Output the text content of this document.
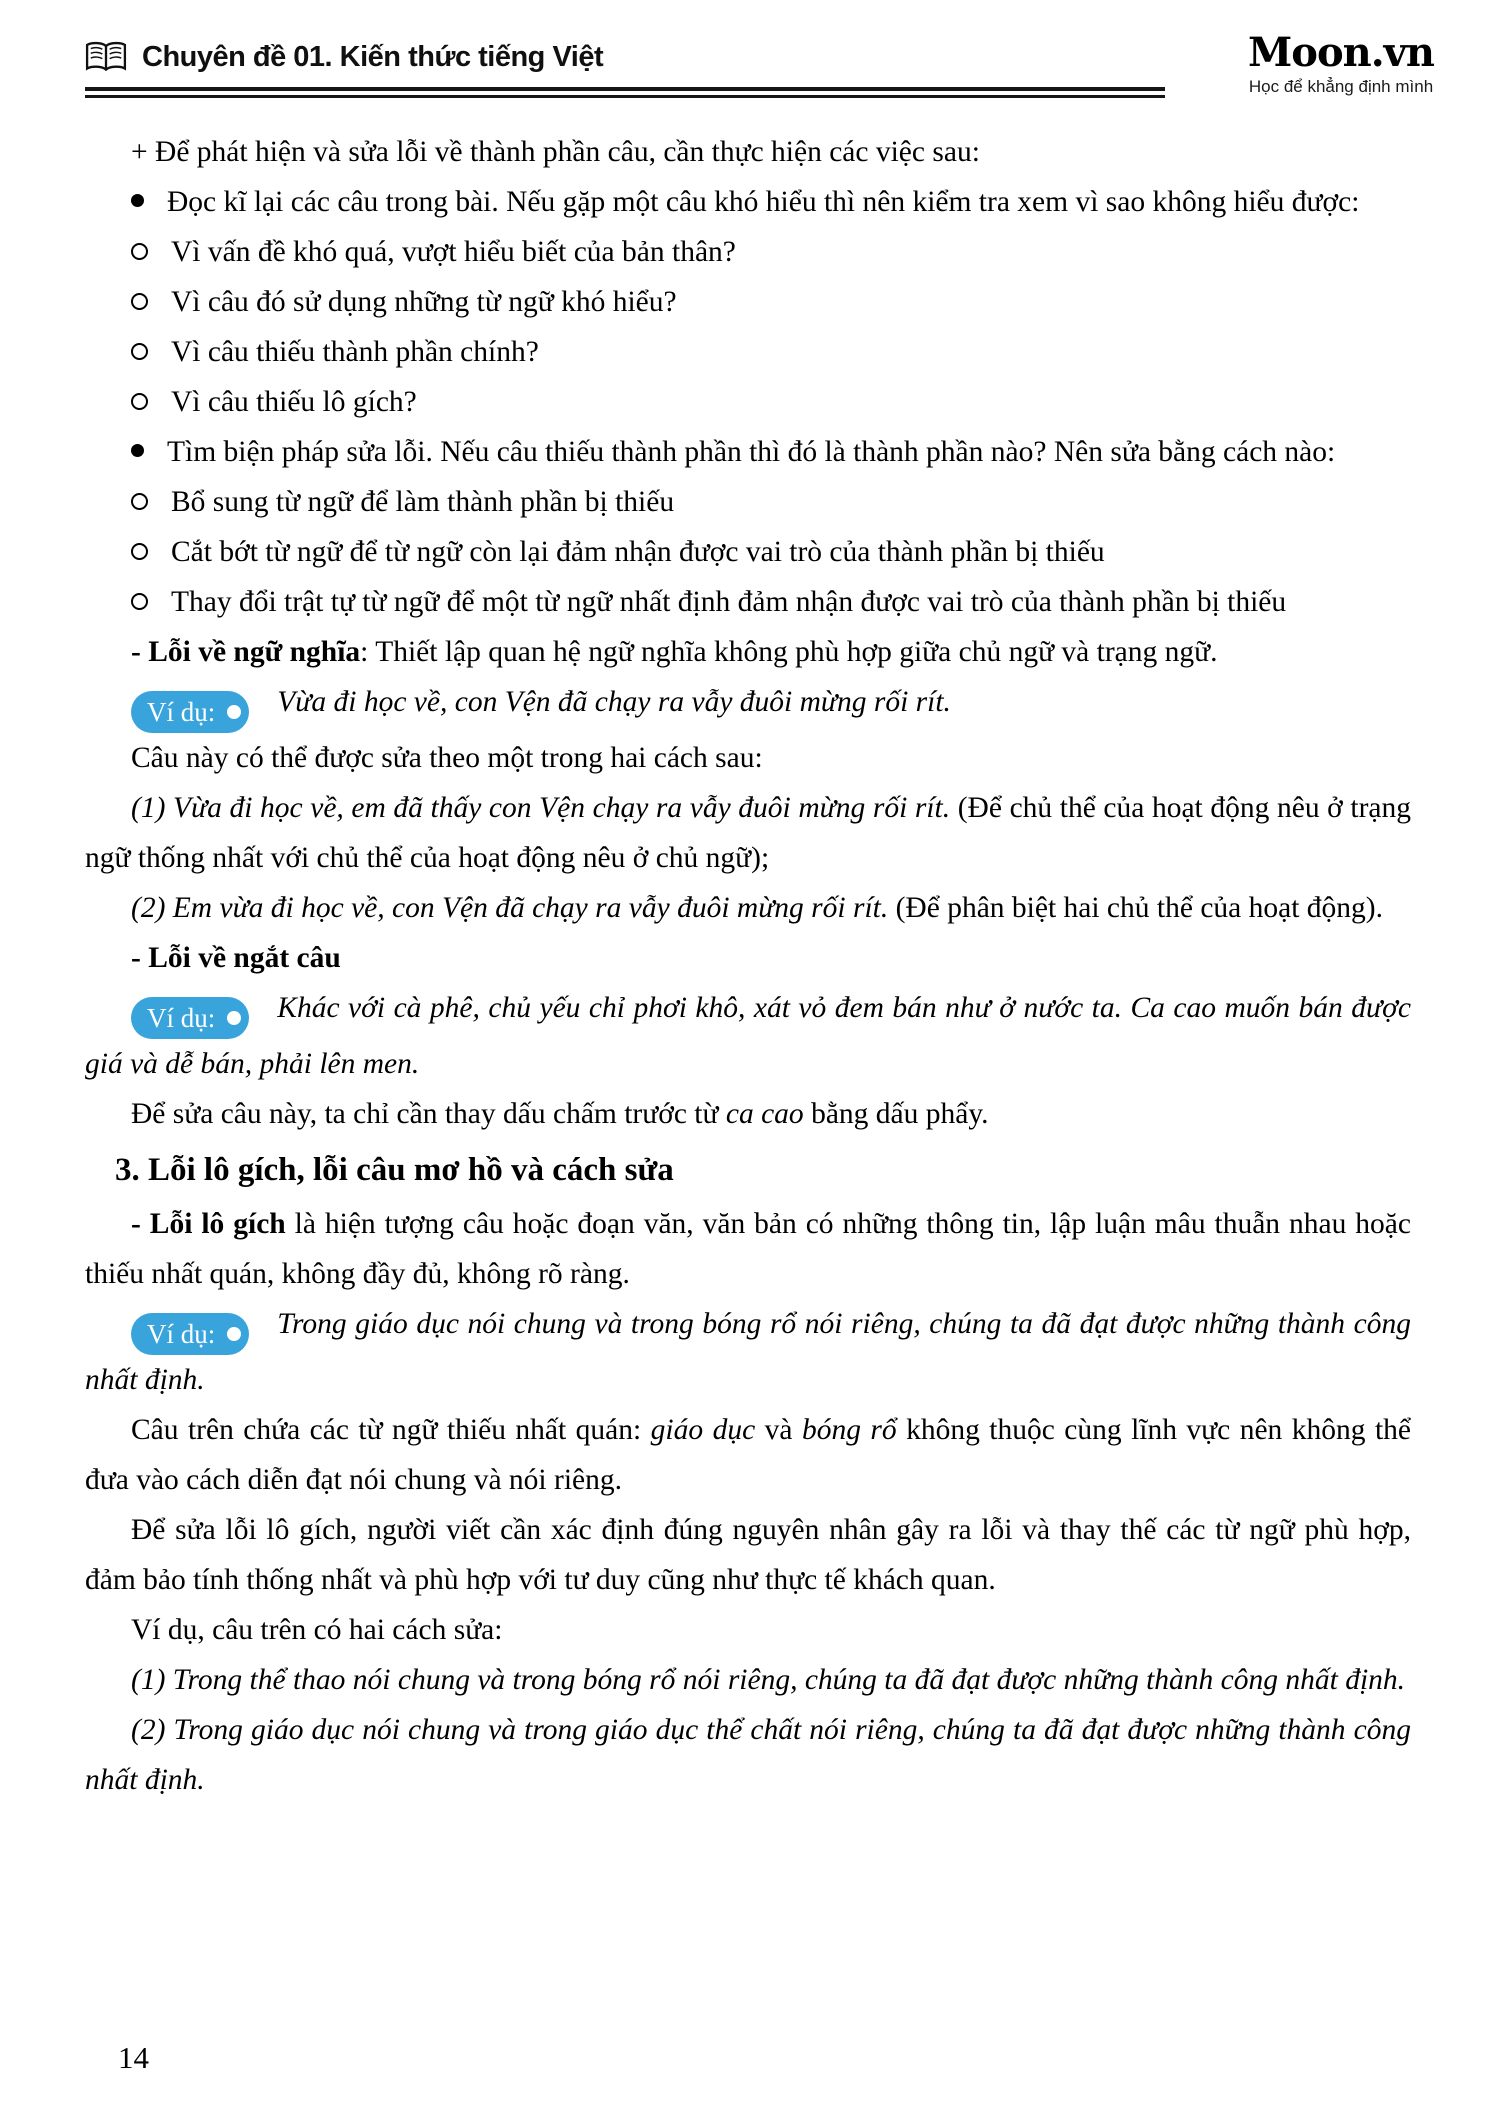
Chuyên đề 01. Kiến thức tiếng Việt	Moon.vn
Học để khẳng định mình

+ Để phát hiện và sửa lỗi về thành phần câu, cần thực hiện các việc sau:

Đọc kĩ lại các câu trong bài. Nếu gặp một câu khó hiểu thì nên kiểm tra xem vì sao không hiểu được:

Vì vấn đề khó quá, vượt hiểu biết của bản thân?

Vì câu đó sử dụng những từ ngữ khó hiểu?

Vì câu thiếu thành phần chính?

Vì câu thiếu lô gích?

Tìm biện pháp sửa lỗi. Nếu câu thiếu thành phần thì đó là thành phần nào? Nên sửa bằng cách nào:

Bổ sung từ ngữ để làm thành phần bị thiếu

Cắt bớt từ ngữ để từ ngữ còn lại đảm nhận được vai trò của thành phần bị thiếu

Thay đổi trật tự từ ngữ để một từ ngữ nhất định đảm nhận được vai trò của thành phần bị thiếu

- Lỗi về ngữ nghĩa: Thiết lập quan hệ ngữ nghĩa không phù hợp giữa chủ ngữ và trạng ngữ.

Ví dụ: Vừa đi học về, con Vện đã chạy ra vẫy đuôi mừng rối rít.

Câu này có thể được sửa theo một trong hai cách sau:

(1) Vừa đi học về, em đã thấy con Vện chạy ra vẫy đuôi mừng rối rít. (Để chủ thể của hoạt động nêu ở trạng ngữ thống nhất với chủ thể của hoạt động nêu ở chủ ngữ);

(2) Em vừa đi học về, con Vện đã chạy ra vẫy đuôi mừng rối rít. (Để phân biệt hai chủ thể của hoạt động).

- Lỗi về ngắt câu

Ví dụ: Khác với cà phê, chủ yếu chỉ phơi khô, xát vỏ đem bán như ở nước ta. Ca cao muốn bán được giá và dễ bán, phải lên men.

Để sửa câu này, ta chỉ cần thay dấu chấm trước từ ca cao bằng dấu phẩy.

3. Lỗi lô gích, lỗi câu mơ hồ và cách sửa

- Lỗi lô gích là hiện tượng câu hoặc đoạn văn, văn bản có những thông tin, lập luận mâu thuẫn nhau hoặc thiếu nhất quán, không đầy đủ, không rõ ràng.

Ví dụ: Trong giáo dục nói chung và trong bóng rổ nói riêng, chúng ta đã đạt được những thành công nhất định.

Câu trên chứa các từ ngữ thiếu nhất quán: giáo dục và bóng rổ không thuộc cùng lĩnh vực nên không thể đưa vào cách diễn đạt nói chung và nói riêng.

Để sửa lỗi lô gích, người viết cần xác định đúng nguyên nhân gây ra lỗi và thay thế các từ ngữ phù hợp, đảm bảo tính thống nhất và phù hợp với tư duy cũng như thực tế khách quan.

Ví dụ, câu trên có hai cách sửa:

(1) Trong thể thao nói chung và trong bóng rổ nói riêng, chúng ta đã đạt được những thành công nhất định.

(2) Trong giáo dục nói chung và trong giáo dục thể chất nói riêng, chúng ta đã đạt được những thành công nhất định.

14
